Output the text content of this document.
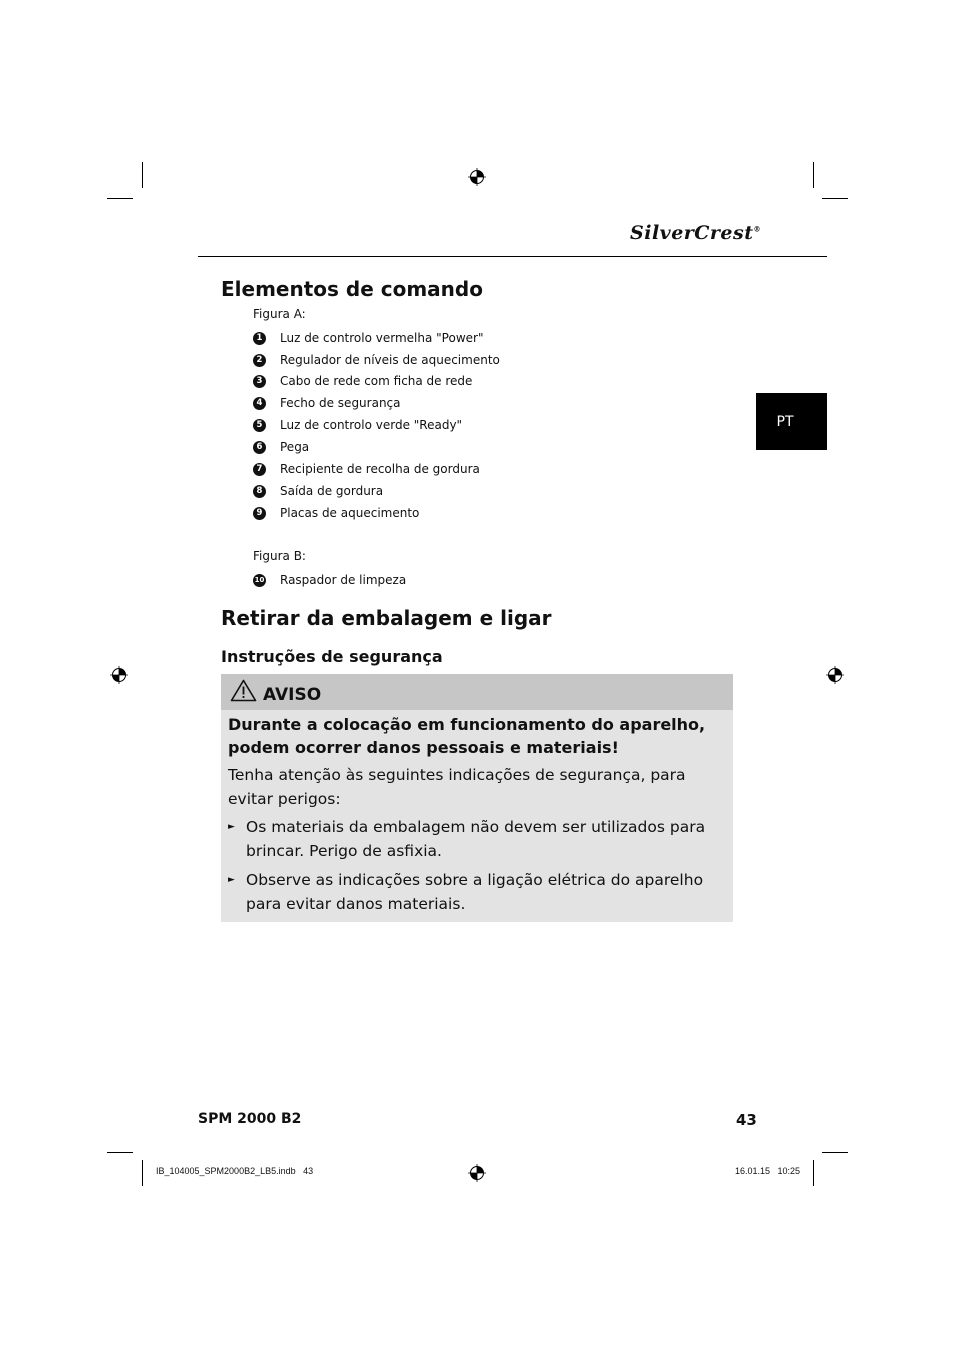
SilverCrest®
PT
Elementos de comando
Figura A:
1 Luz de controlo vermelha "Power"
2 Regulador de níveis de aquecimento
3 Cabo de rede com ficha de rede
4 Fecho de segurança
5 Luz de controlo verde "Ready"
6 Pega
7 Recipiente de recolha de gordura
8 Saída de gordura
9 Placas de aquecimento
Figura B:
10 Raspador de limpeza
Retirar da embalagem e ligar
Instruções de segurança
AVISO
Durante a colocação em funcionamento do aparelho, podem ocorrer danos pessoais e materiais!
Tenha atenção às seguintes indicações de segurança, para evitar perigos:
► Os materiais da embalagem não devem ser utilizados para brincar. Perigo de asfixia.
► Observe as indicações sobre a ligação elétrica do aparelho para evitar danos materiais.
SPM 2000 B2	43
IB_104005_SPM2000B2_LB5.indb   43	16.01.15   10:25
